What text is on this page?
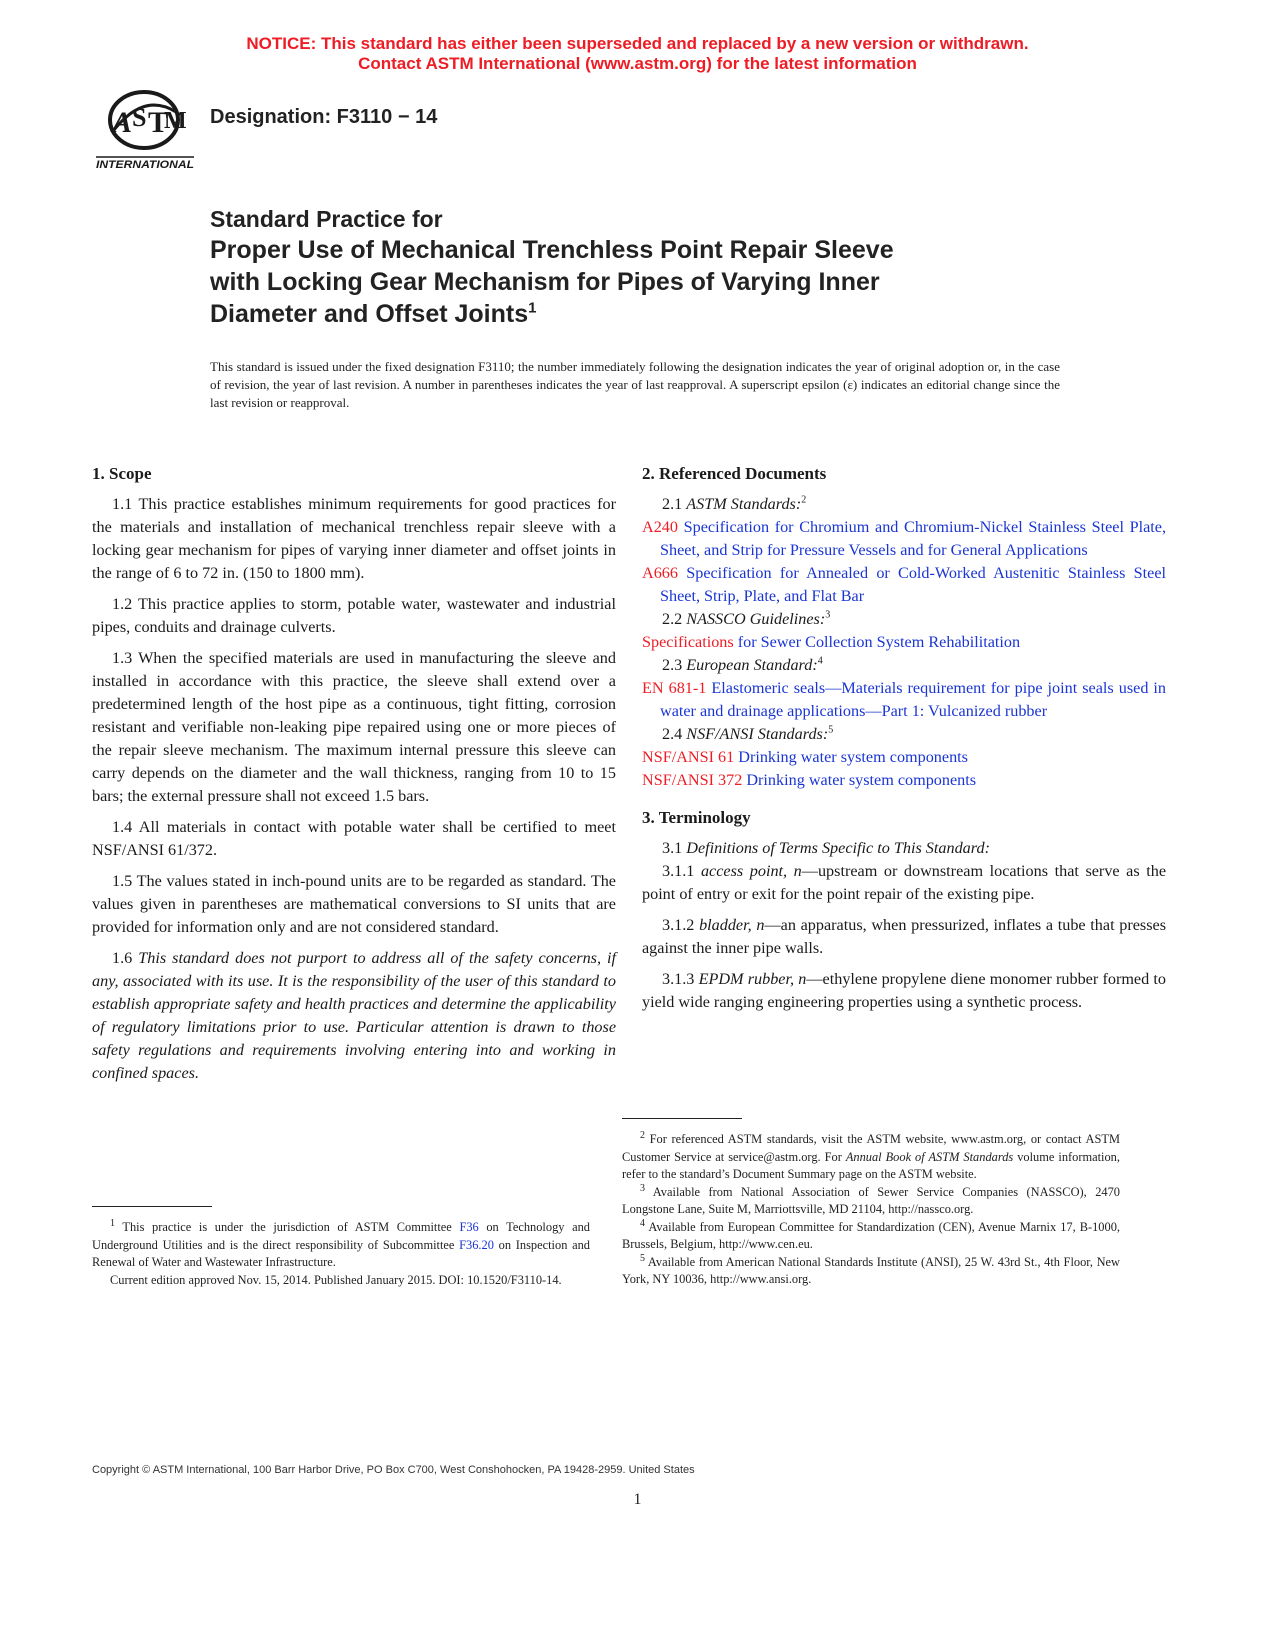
NOTICE: This standard has either been superseded and replaced by a new version or withdrawn.
Contact ASTM International (www.astm.org) for the latest information
A S T
M
INTERNATIONAL
Designation: F3110 − 14
Standard Practice for
Proper Use of Mechanical Trenchless Point Repair Sleeve
with Locking Gear Mechanism for Pipes of Varying Inner
Diameter and Offset Joints$^1$
This standard is issued under the fixed designation F3110; the number immediately following the designation indicates the year of original adoption or, in the case of revision, the year of last revision. A number in parentheses indicates the year of last reapproval. A superscript epsilon (ε) indicates an editorial change since the last revision or reapproval.
1. Scope

1.1 This practice establishes minimum requirements for good practices for the materials and installation of mechanical trenchless repair sleeve with a locking gear mechanism for pipes of varying inner diameter and offset joints in the range of 6 to 72 in. (150 to 1800 mm).

1.2 This practice applies to storm, potable water, wastewater and industrial pipes, conduits and drainage culverts.

1.3 When the specified materials are used in manufacturing the sleeve and installed in accordance with this practice, the sleeve shall extend over a predetermined length of the host pipe as a continuous, tight fitting, corrosion resistant and verifiable non-leaking pipe repaired using one or more pieces of the repair sleeve mechanism. The maximum internal pressure this sleeve can carry depends on the diameter and the wall thickness, ranging from 10 to 15 bars; the external pressure shall not exceed 1.5 bars.

1.4 All materials in contact with potable water shall be certified to meet NSF/ANSI 61/372.

1.5 The values stated in inch-pound units are to be regarded as standard. The values given in parentheses are mathematical conversions to SI units that are provided for information only and are not considered standard.

1.6 This standard does not purport to address all of the safety concerns, if any, associated with its use. It is the responsibility of the user of this standard to establish appropriate safety and health practices and determine the applicability of regulatory limitations prior to use. Particular attention is drawn to those safety regulations and requirements involving entering into and working in confined spaces.

$^1$ This practice is under the jurisdiction of ASTM Committee F36 on Technology and Underground Utilities and is the direct responsibility of Subcommittee F36.20 on Inspection and Renewal of Water and Wastewater Infrastructure.

Current edition approved Nov. 15, 2014. Published January 2015. DOI: 10.1520/F3110-14.

2. Referenced Documents
2.1 ASTM Standards:$^2$
A240 Specification for Chromium and Chromium-Nickel Stainless Steel Plate, Sheet, and Strip for Pressure Vessels and for General Applications
A666 Specification for Annealed or Cold-Worked Austenitic Stainless Steel Sheet, Strip, Plate, and Flat Bar
2.2 NASSCO Guidelines:$^3$
Specifications for Sewer Collection System Rehabilitation
2.3 European Standard:$^4$
EN 681-1 Elastomeric seals—Materials requirement for pipe joint seals used in water and drainage applications—Part 1: Vulcanized rubber
2.4 NSF/ANSI Standards:$^5$
NSF/ANSI 61 Drinking water system components
NSF/ANSI 372 Drinking water system components
3. Terminology
3.1 Definitions of Terms Specific to This Standard:

3.1.1 access point, n—upstream or downstream locations that serve as the point of entry or exit for the point repair of the existing pipe.

3.1.2 bladder, n—an apparatus, when pressurized, inflates a tube that presses against the inner pipe walls.

3.1.3 EPDM rubber, n—ethylene propylene diene monomer rubber formed to yield wide ranging engineering properties using a synthetic process.

$^2$ For referenced ASTM standards, visit the ASTM website, www.astm.org, or contact ASTM Customer Service at service@astm.org. For Annual Book of ASTM Standards volume information, refer to the standard’s Document Summary page on the ASTM website.

$^3$ Available from National Association of Sewer Service Companies (NASSCO), 2470 Longstone Lane, Suite M, Marriottsville, MD 21104, http://nassco.org.

$^4$ Available from European Committee for Standardization (CEN), Avenue Marnix 17, B-1000, Brussels, Belgium, http://www.cen.eu.

$^5$ Available from American National Standards Institute (ANSI), 25 W. 43rd St., 4th Floor, New York, NY 10036, http://www.ansi.org.

Copyright © ASTM International, 100 Barr Harbor Drive, PO Box C700, West Conshohocken, PA 19428-2959. United States
1
